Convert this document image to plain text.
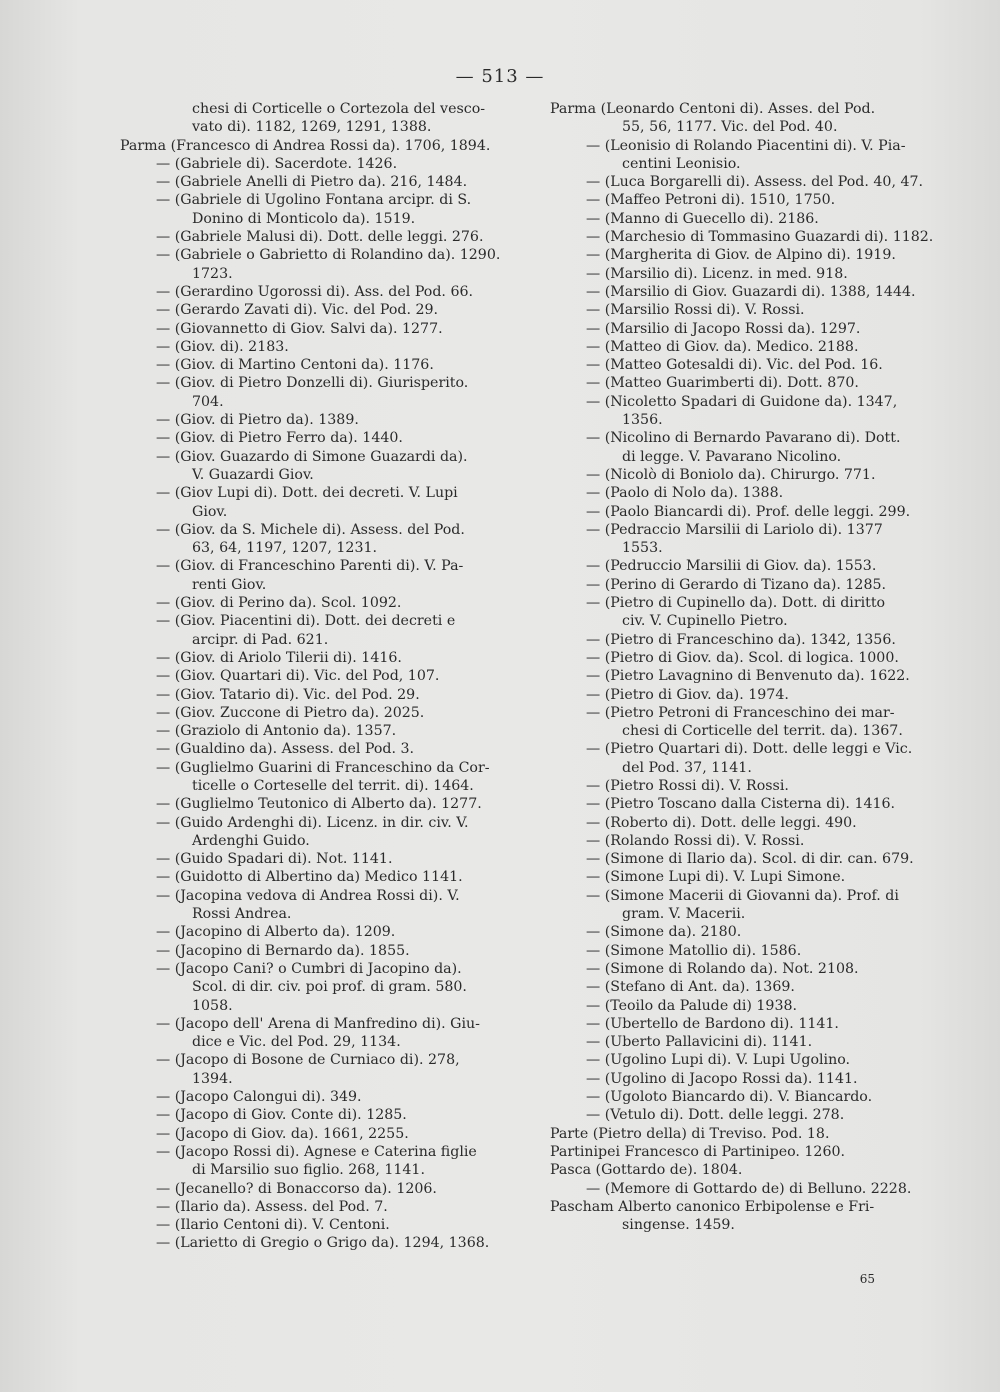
— 513 —
chesi di Corticelle o Cortezola del vesco-
vato di). 1182, 1269, 1291, 1388.
Parma (Francesco di Andrea Rossi da). 1706, 1894.
— (Gabriele di). Sacerdote. 1426.
— (Gabriele Anelli di Pietro da). 216, 1484.
— (Gabriele di Ugolino Fontana arcipr. di S.
Donino di Monticolo da). 1519.
— (Gabriele Malusi di). Dott. delle leggi. 276.
— (Gabriele o Gabrietto di Rolandino da). 1290.
1723.
— (Gerardino Ugorossi di). Ass. del Pod. 66.
— (Gerardo Zavati di). Vic. del Pod. 29.
— (Giovannetto di Giov. Salvi da). 1277.
— (Giov. di). 2183.
— (Giov. di Martino Centoni da). 1176.
— (Giov. di Pietro Donzelli di). Giurisperito.
704.
— (Giov. di Pietro da). 1389.
— (Giov. di Pietro Ferro da). 1440.
— (Giov. Guazardo di Simone Guazardi da).
V. Guazardi Giov.
— (Giov Lupi di). Dott. dei decreti. V. Lupi
Giov.
— (Giov. da S. Michele di). Assess. del Pod.
63, 64, 1197, 1207, 1231.
— (Giov. di Franceschino Parenti di). V. Pa-
renti Giov.
— (Giov. di Perino da). Scol. 1092.
— (Giov. Piacentini di). Dott. dei decreti e
arcipr. di Pad. 621.
— (Giov. di Ariolo Tilerii di). 1416.
— (Giov. Quartari di). Vic. del Pod, 107.
— (Giov. Tatario di). Vic. del Pod. 29.
— (Giov. Zuccone di Pietro da). 2025.
— (Graziolo di Antonio da). 1357.
— (Gualdino da). Assess. del Pod. 3.
— (Guglielmo Guarini di Franceschino da Cor-
ticelle o Corteselle del territ. di). 1464.
— (Guglielmo Teutonico di Alberto da). 1277.
— (Guido Ardenghi di). Licenz. in dir. civ. V.
Ardenghi Guido.
— (Guido Spadari di). Not. 1141.
— (Guidotto di Albertino da) Medico 1141.
— (Jacopina vedova di Andrea Rossi di). V.
Rossi Andrea.
— (Jacopino di Alberto da). 1209.
— (Jacopino di Bernardo da). 1855.
— (Jacopo Cani? o Cumbri di Jacopino da).
Scol. di dir. civ. poi prof. di gram. 580.
1058.
— (Jacopo dell' Arena di Manfredino di). Giu-
dice e Vic. del Pod. 29, 1134.
— (Jacopo di Bosone de Curniaco di). 278,
1394.
— (Jacopo Calongui di). 349.
— (Jacopo di Giov. Conte di). 1285.
— (Jacopo di Giov. da). 1661, 2255.
— (Jacopo Rossi di). Agnese e Caterina figlie
di Marsilio suo figlio. 268, 1141.
— (Jecanello? di Bonaccorso da). 1206.
— (Ilario da). Assess. del Pod. 7.
— (Ilario Centoni di). V. Centoni.
— (Larietto di Gregio o Grigo da). 1294, 1368.
Parma (Leonardo Centoni di). Asses. del Pod.
55, 56, 1177. Vic. del Pod. 40.
— (Leonisio di Rolando Piacentini di). V. Pia-
centini Leonisio.
— (Luca Borgarelli di). Assess. del Pod. 40, 47.
— (Maffeo Petroni di). 1510, 1750.
— (Manno di Guecello di). 2186.
— (Marchesio di Tommasino Guazardi di). 1182.
— (Margherita di Giov. de Alpino di). 1919.
— (Marsilio di). Licenz. in med. 918.
— (Marsilio di Giov. Guazardi di). 1388, 1444.
— (Marsilio Rossi di). V. Rossi.
— (Marsilio di Jacopo Rossi da). 1297.
— (Matteo di Giov. da). Medico. 2188.
— (Matteo Gotesaldi di). Vic. del Pod. 16.
— (Matteo Guarimberti di). Dott. 870.
— (Nicoletto Spadari di Guidone da). 1347,
1356.
— (Nicolino di Bernardo Pavarano di). Dott.
di legge. V. Pavarano Nicolino.
— (Nicolò di Boniolo da). Chirurgo. 771.
— (Paolo di Nolo da). 1388.
— (Paolo Biancardi di). Prof. delle leggi. 299.
— (Pedraccio Marsilii di Lariolo di). 1377
1553.
— (Pedruccio Marsilii di Giov. da). 1553.
— (Perino di Gerardo di Tizano da). 1285.
— (Pietro di Cupinello da). Dott. di diritto
civ. V. Cupinello Pietro.
— (Pietro di Franceschino da). 1342, 1356.
— (Pietro di Giov. da). Scol. di logica. 1000.
— (Pietro Lavagnino di Benvenuto da). 1622.
— (Pietro di Giov. da). 1974.
— (Pietro Petroni di Franceschino dei mar-
chesi di Corticelle del territ. da). 1367.
— (Pietro Quartari di). Dott. delle leggi e Vic.
del Pod. 37, 1141.
— (Pietro Rossi di). V. Rossi.
— (Pietro Toscano dalla Cisterna di). 1416.
— (Roberto di). Dott. delle leggi. 490.
— (Rolando Rossi di). V. Rossi.
— (Simone di Ilario da). Scol. di dir. can. 679.
— (Simone Lupi di). V. Lupi Simone.
— (Simone Macerii di Giovanni da). Prof. di
gram. V. Macerii.
— (Simone da). 2180.
— (Simone Matollio di). 1586.
— (Simone di Rolando da). Not. 2108.
— (Stefano di Ant. da). 1369.
— (Teoilo da Palude di) 1938.
— (Ubertello de Bardono di). 1141.
— (Uberto Pallavicini di). 1141.
— (Ugolino Lupi di). V. Lupi Ugolino.
— (Ugolino di Jacopo Rossi da). 1141.
— (Ugoloto Biancardo di). V. Biancardo.
— (Vetulo di). Dott. delle leggi. 278.
Parte (Pietro della) di Treviso. Pod. 18.
Partinipei Francesco di Partinipeo. 1260.
Pasca (Gottardo de). 1804.
— (Memore di Gottardo de) di Belluno. 2228.
Pascham Alberto canonico Erbipolense e Fri-
singense. 1459.
65
